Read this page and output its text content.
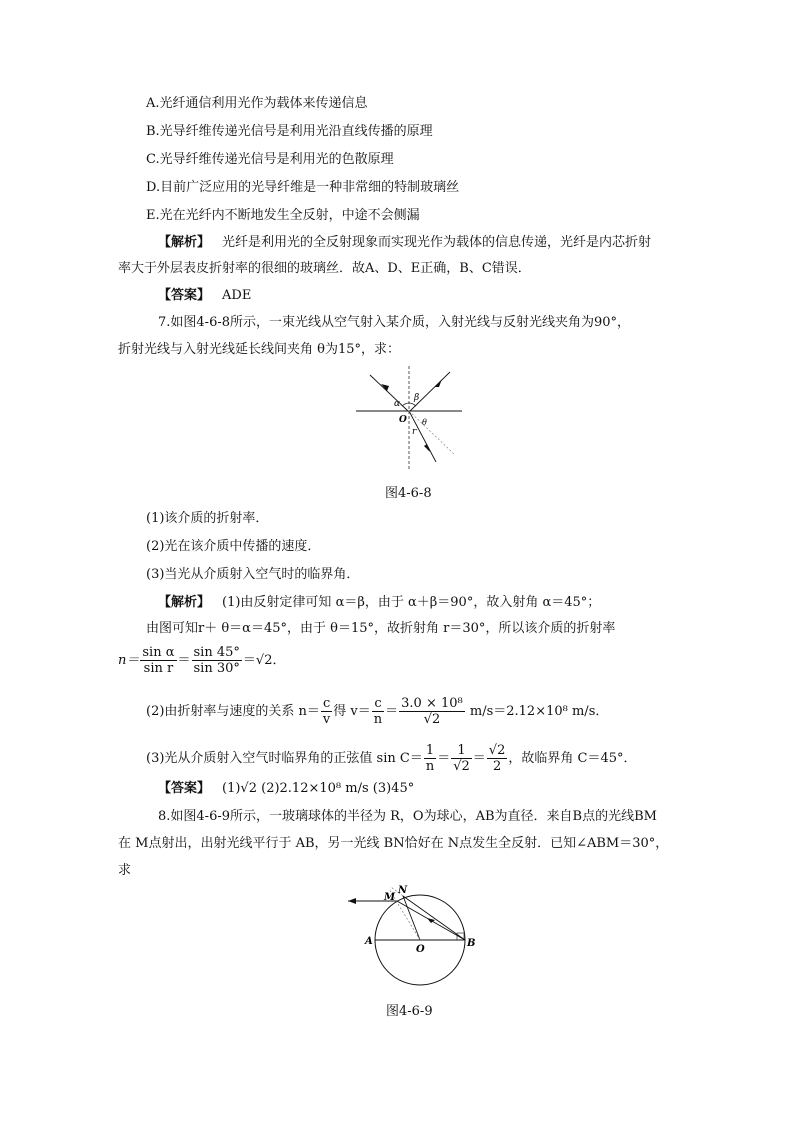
A.光纤通信利用光作为载体来传递信息
B.光导纤维传递光信号是利用光沿直线传播的原理
C.光导纤维传递光信号是利用光的色散原理
D.目前广泛应用的光导纤维是一种非常细的特制玻璃丝
E.光在光纤内不断地发生全反射，中途不会侧漏
【解析】 光纤是利用光的全反射现象而实现光作为载体的信息传递，光纤是内芯折射
率大于外层表皮折射率的很细的玻璃丝．故A、D、E正确，B、C错误．
【答案】 ADE
7.如图4-6-8所示，一束光线从空气射入某介质，入射光线与反射光线夹角为90°，
折射光线与入射光线延长线间夹角 θ为15°，求：
α
β
O
r
θ
图4-6-8
(1)该介质的折射率．
(2)光在该介质中传播的速度．
(3)当光从介质射入空气时的临界角．
【解析】 (1)由反射定律可知 α＝β，由于 α＋β＝90°，故入射角 α＝45°；
由图可知r＋ θ＝α＝45°，由于 θ＝15°，故折射角 r＝30°，所以该介质的折射率
$n= \frac{\text{sin α}}{\text{sin r}} = \frac{\sin 45^\circ}{\sin 30^\circ} =√2$．
(2)由折射率与速度的关系 $n= \frac{c}{v}$ 得 $v= \frac{c}{n} = \frac{\text{3.0 × 10⁸}}{√2} m/s=2.12\times 10^8$ m/s．
(3)光从介质射入空气时临界角的正弦值 $\sin C= \frac{1}{n} = \frac{1}{√2} = \frac{√2}{2}$ ，故临界角 C＝45°．
【答案】 (1)√2 (2)2.12×10⁸ m/s (3)45°
8.如图4-6-9所示，一玻璃球体的半径为 R，O为球心，AB为直径．来自B点的光线BM
在 M点射出，出射光线平行于 AB，另一光线 BN恰好在 N点发生全反射．已知∠ABM＝30°，
求
A	B
O
M
N
图4-6-9
